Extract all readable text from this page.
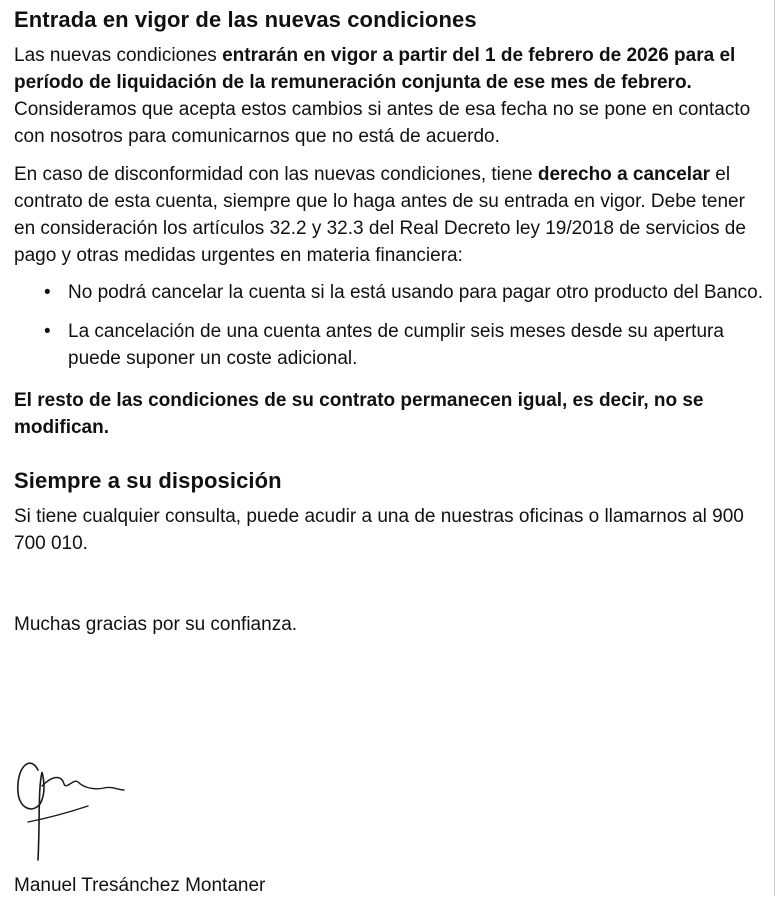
Entrada en vigor de las nuevas condiciones

Las nuevas condiciones entrarán en vigor a partir del 1 de febrero de 2026 para el período de liquidación de la remuneración conjunta de ese mes de febrero. Consideramos que acepta estos cambios si antes de esa fecha no se pone en contacto con nosotros para comunicarnos que no está de acuerdo.

En caso de disconformidad con las nuevas condiciones, tiene derecho a cancelar el contrato de esta cuenta, siempre que lo haga antes de su entrada en vigor. Debe tener en consideración los artículos 32.2 y 32.3 del Real Decreto ley 19/2018 de servicios de pago y otras medidas urgentes en materia financiera:

• No podrá cancelar la cuenta si la está usando para pagar otro producto del Banco.
• La cancelación de una cuenta antes de cumplir seis meses desde su apertura puede suponer un coste adicional.

El resto de las condiciones de su contrato permanecen igual, es decir, no se modifican.

Siempre a su disposición

Si tiene cualquier consulta, puede acudir a una de nuestras oficinas o llamarnos al 900 700 010.

Muchas gracias por su confianza.

Manuel Tresánchez Montaner
